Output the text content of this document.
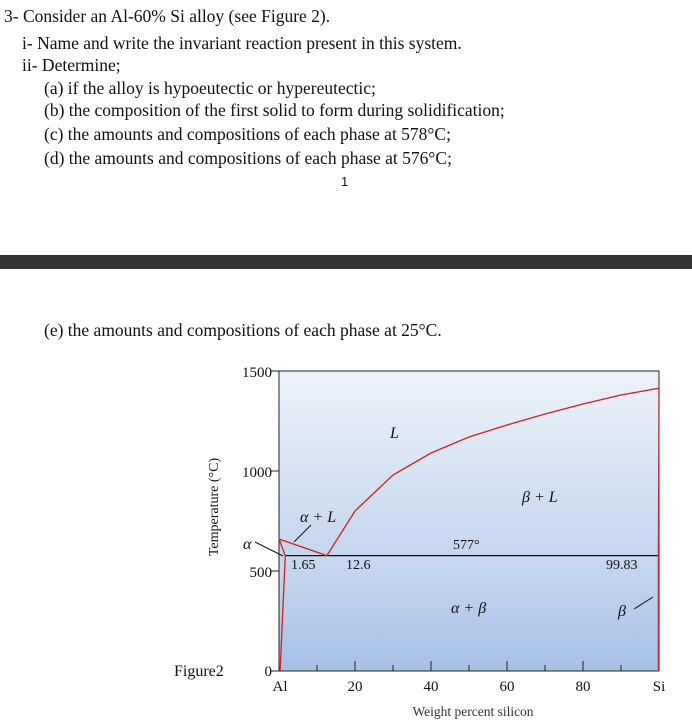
3- Consider an Al-60% Si alloy (see Figure 2).
i- Name and write the invariant reaction present in this system.
ii- Determine;
(a) if the alloy is hypoeutectic or hypereutectic;
(b) the composition of the first solid to form during solidification;
(c) the amounts and compositions of each phase at 578°C;
(d) the amounts and compositions of each phase at 576°C;
1
(e) the amounts and compositions of each phase at 25°C.
1500
1000
500
0
Al	20	40	60	80	Si
Weight percent silicon
Temperature (°C)
Figure2
577°
1.65 12.6	99.83
L
α + L
β + L
α + β
α
β
